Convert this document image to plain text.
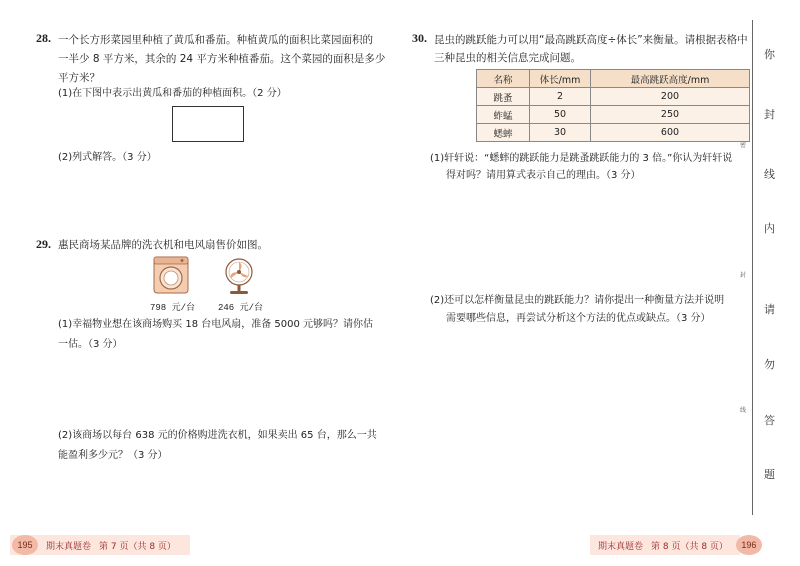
28. 一个长方形菜园里种植了黄瓜和番茄。种植黄瓜的面积比菜园面积的
一半少 8 平方米，其余的 24 平方米种植番茄。这个菜园的面积是多少
平方米？
(1)在下图中表示出黄瓜和番茄的种植面积。（2 分）
(2)列式解答。（3 分）
29. 惠民商场某品牌的洗衣机和电风扇售价如图。
798 元/台	246 元/台
(1)幸福物业想在该商场购买 18 台电风扇，准备 5000 元够吗？请你估
一估。（3 分）
(2)该商场以每台 638 元的价格购进洗衣机，如果卖出 65 台，那么一共
能盈利多少元？（3 分）
195	期末真题卷 第 7 页（共 8 页）
30. 昆虫的跳跃能力可以用“最高跳跃高度÷体长”来衡量。请根据表格中
三种昆虫的相关信息完成问题。
名称	体长/mm	最高跳跃高度/mm
跳蚤	2	200
蚱蜢	50	250
蟋蟀	30	600
(1)轩轩说：“蟋蟀的跳跃能力是跳蚤跳跃能力的 3 倍。”你认为轩轩说
得对吗？请用算式表示自己的理由。（3 分）
(2)还可以怎样衡量昆虫的跳跃能力？请你提出一种衡量方法并说明
需要哪些信息，再尝试分析这个方法的优点或缺点。（3 分）
期末真题卷 第 8 页（共 8 页）	196
你
封
线
内
请
勿
答
题
密
封
线
